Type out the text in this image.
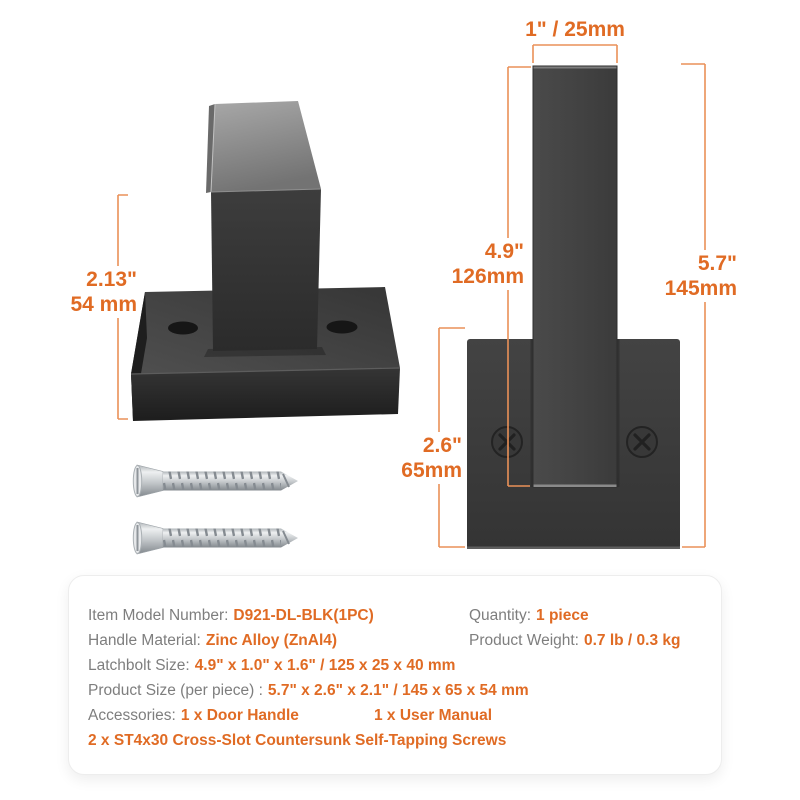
2.13"
54 mm
1" / 25mm
4.9"
126mm
5.7"
145mm
2.6"
65mm
Item Model Number: D921-DL-BLK(1PC)	Quantity: 1 piece
Handle Material: Zinc Alloy (ZnAl4)	Product Weight: 0.7 lb / 0.3 kg
Latchbolt Size: 4.9" x 1.0" x 1.6" / 125 x 25 x 40 mm
Product Size (per piece) : 5.7" x 2.6" x 2.1" / 145 x 65 x 54 mm
Accessories: 1 x Door Handle	1 x User Manual
2 x ST4x30 Cross-Slot Countersunk Self-Tapping Screws
